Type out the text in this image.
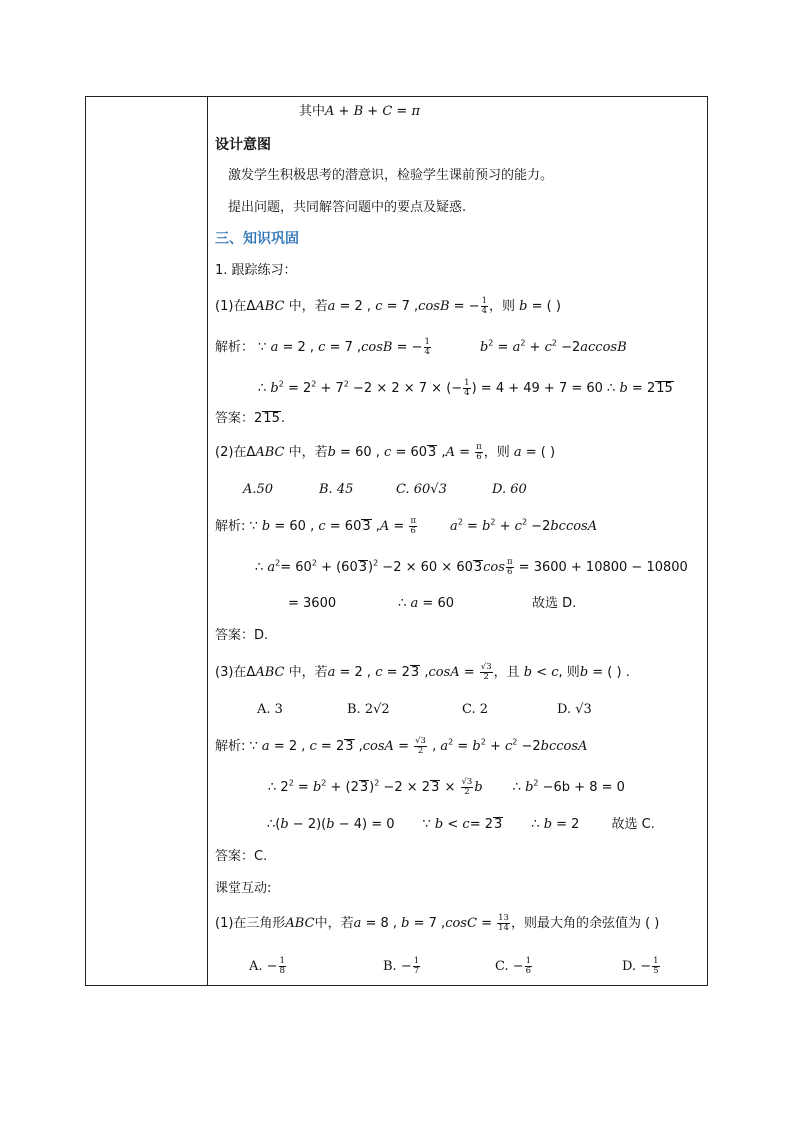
其中A + B + C = π
设计意图
激发学生积极思考的潜意识，检验学生课前预习的能力。
提出问题，共同解答问题中的要点及疑惑.
三、知识巩固
1. 跟踪练习：
(1)在ΔABC 中，若a = 2 , c = 7 ,cosB = − $\frac{1}{4}$ ，则 b = ( )
解析： ∵ a = 2 , c = 7 ,cosB = − $\frac{1}{4}$	$b^2 = a^2 + c^2 -2accosB$
∴ $b^2 = 2^2 + 7^2 -2 \times 2 \times 7$ × (− $\frac{1}{4}$ ) = 4 + 49 + 7 = 60 ∴ b = 215
答案：215.
(2)在ΔABC 中，若b = 60 , c = 603 $,A = \frac{\pi}{6}$ ，则 a = ( )
A.50	B. 45	C. 60√3	D. 60
解析: ∵ b = 60 , c = 603 $,A = \frac{\pi}{6}$	$a^2 = b^2 + c^2 -2bccosA$
∴ $a^2= 60^2 + (603)^2 -2 \times 60 \times 603\cos \frac{\pi}{6} = 3600 + 10800 - 10800$
= 3600	∴ a = 60	故选 D.
答案：D.
(3)在ΔABC 中，若a = 2 , c = 23 $,\cos A = \frac{√3}{2}$ ，且 b < c, 则b = ( ) .
A. 3	B. 2√2	C. 2	D. √3
解析: ∵ a = 2 , c = 23 $,\cos A = \frac{√3}{2}$ , $a^2 = b^2 + c^2 -2bccosA$
∴ $2^2 = b^2 + (23)^2 -2 \times 23 \times \frac{√3}{2}$ b ∴ $b^2 -6b + 8 = 0$
∴(b − 2)(b − 4) = 0 ∵ b < c= 23 ∴ b = 2 故选 C.
答案：C.
课堂互动:
(1)在三角形ABC中，若a = 8 , b = 7 $,\cos C = \frac{13}{14}$ ，则最大角的余弦值为 ( )
A. − $\frac{1}{8}$	B. − $\frac{1}{7}$	C. − $\frac{1}{6}$	D. − $\frac{1}{5}$
